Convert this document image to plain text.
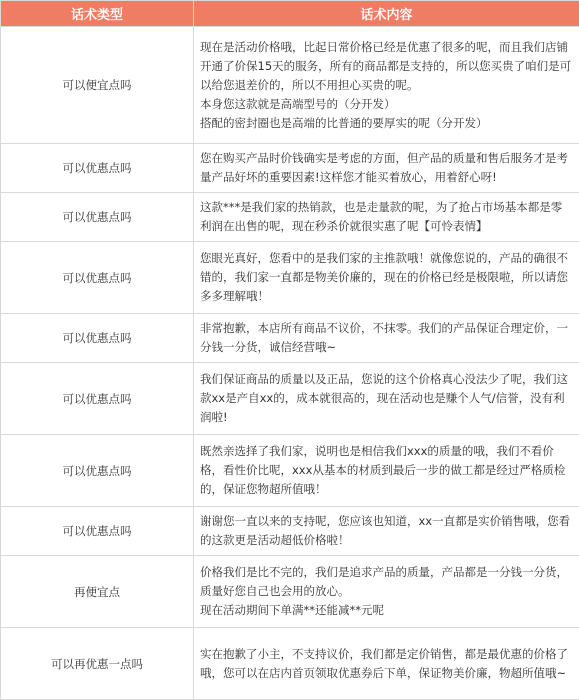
话术类型	话术内容
可以便宜点吗	现在是活动价格哦，比起日常价格已经是优惠了很多的呢，而且我们店铺开通了价保15天的服务，所有的商品都是支持的，所以您买贵了咱们是可以给您退差价的，所以不用担心买贵的呢。
本身您这款就是高端型号的（分开发）
搭配的密封圈也是高端的比普通的要厚实的呢（分开发）

可以优惠点吗	您在购买产品时价钱确实是考虑的方面，但产品的质量和售后服务才是考量产品好坏的重要因素!这样您才能买着放心，用着舒心呀!

可以优惠点吗	这款***是我们家的热销款，也是走量款的呢，为了抢占市场基本都是零利润在出售的呢，现在秒杀价就很实惠了呢【可怜表情】

可以优惠点吗	您眼光真好，您看中的是我们家的主推款哦！就像您说的，产品的确很不错的，我们家一直都是物美价廉的，现在的价格已经是极限啦，所以请您多多理解哦！

可以优惠点吗	非常抱歉，本店所有商品不议价，不抹零。我们的产品保证合理定价，一分钱一分货，诚信经营哦~

可以优惠点吗	我们保证商品的质量以及正品，您说的这个价格真心没法少了呢，我们这款xx是产自xx的，成本就很高的，现在活动也是赚个人气/信誉，没有利润啦!

可以优惠点吗	既然亲选择了我们家，说明也是相信我们xxx的质量的哦，我们不看价格，看性价比呢，xxx从基本的材质到最后一步的做工都是经过严格质检的，保证您物超所值哦！

可以优惠点吗	谢谢您一直以来的支持呢，您应该也知道，xx一直都是实价销售哦，您看的这款更是活动超低价格啦！

再便宜点	价格我们是比不完的，我们是追求产品的质量，产品都是一分钱一分货，质量好您自己也会用的放心。
现在活动期间下单满**还能减**元呢

可以再优惠一点吗	实在抱歉了小主，不支持议价，我们都是定价销售，都是最优惠的价格了哦，您可以在店内首页领取优惠券后下单，保证物美价廉，物超所值哦~
